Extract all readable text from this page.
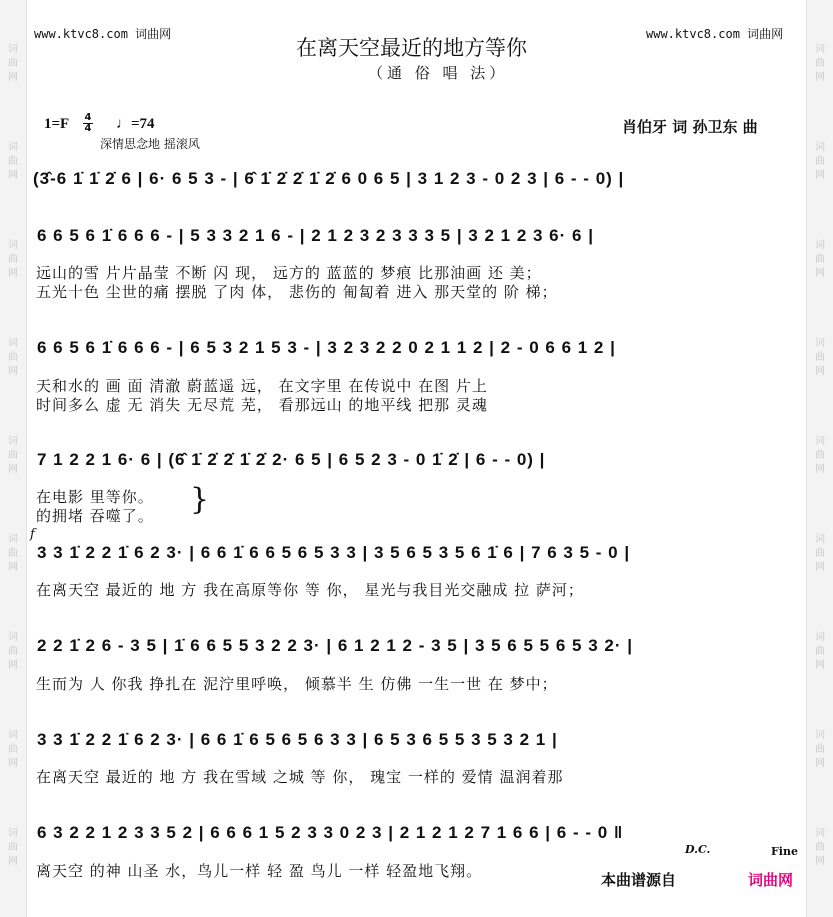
词
曲
网
词
曲
网
词
曲
网
词
曲
网
词
曲
网
词
曲
网
词
曲
网
词
曲
网
词
曲
网
词
曲
网
词
曲
网
词
曲
网
词
曲
网
词
曲
网
词
曲
网
词
曲
网
词
曲
网
词
曲
网
www.ktvc8.com 词曲网	www.ktvc8.com 词曲网
在离天空最近的地方等你
（通 俗 唱 法）
1=F 4
4 ♩=74
深情思念地 摇滚风
肖伯牙 词 孙卫东 曲
(3̂-6 1̇ 1̇ 2̇ 6 | 6· 6 5 3 - | 6̂ 1̇ 2̇ 2̇ 1̇ 2̇ 6 0 6 5 | 3 1 2 3 - 0 2 3 | 6 - - 0) |
6 6 5 6 1̇ 6 6 6 - | 5 3 3 2 1 6 - | 2 1 2 3 2 3 3 3 5 | 3 2 1 2 3 6· 6 |
远山的雪 片片晶莹 不断 闪 现， 远方的 蓝蓝的 梦痕 比那油画 还 美；
五光十色 尘世的痛 摆脱 了肉 体， 悲伤的 匍匐着 进入 那天堂的 阶 梯；
6 6 5 6 1̇ 6 6 6 - | 6 5 3 2 1 5 3 - | 3 2 3 2 2 0 2 1 1 2 | 2 - 0 6 6 1 2 |
天和水的 画 面 清澈 蔚蓝遥 远， 在文字里 在传说中 在图 片上
时间多么 虚 无 消失 无尽荒 芜， 看那远山 的地平线 把那 灵魂
7 1 2 2 1 6· 6 | (6̂ 1̇ 2̇ 2̇ 1̇ 2̇ 2· 6 5 | 6 5 2 3 - 0 1̇ 2̇ | 6 - - 0) |
在电影 里等你。
的拥堵 吞噬了。 }
f
3 3 1̇ 2 2 1̇ 6 2 3· | 6 6 1̇ 6 6 5 6 5 3 3 | 3 5 6 5 3 5 6 1̇ 6 | 7 6 3 5 - 0 |
在离天空 最近的 地 方 我在高原等你 等 你， 星光与我目光交融成 拉 萨河；
2 2 1̇ 2 6 - 3 5 | 1̇ 6 6 5 5 3 2 2 3· | 6 1 2 1 2 - 3 5 | 3 5 6 5 5 6 5 3 2· |
生而为 人 你我 挣扎在 泥泞里呼唤， 倾慕半 生 仿佛 一生一世 在 梦中；
3 3 1̇ 2 2 1̇ 6 2 3· | 6 6 1̇ 6 5 6 5 6 3 3 | 6 5 3 6 5 5 3 5 3 2 1 |
在离天空 最近的 地 方 我在雪域 之城 等 你， 瑰宝 一样的 爱情 温润着那
6 3 2 2 1 2 3 3 5 2 | 6 6 6 1 5 2 3 3 0 2 3 | 2 1 2 1 2 7 1 6 6 | 6 - - 0 ‖
离天空 的神 山圣 水，鸟儿一样 轻 盈 鸟儿 一样 轻盈地飞翔。
D.C.	Fine
本曲谱源自	词曲网
